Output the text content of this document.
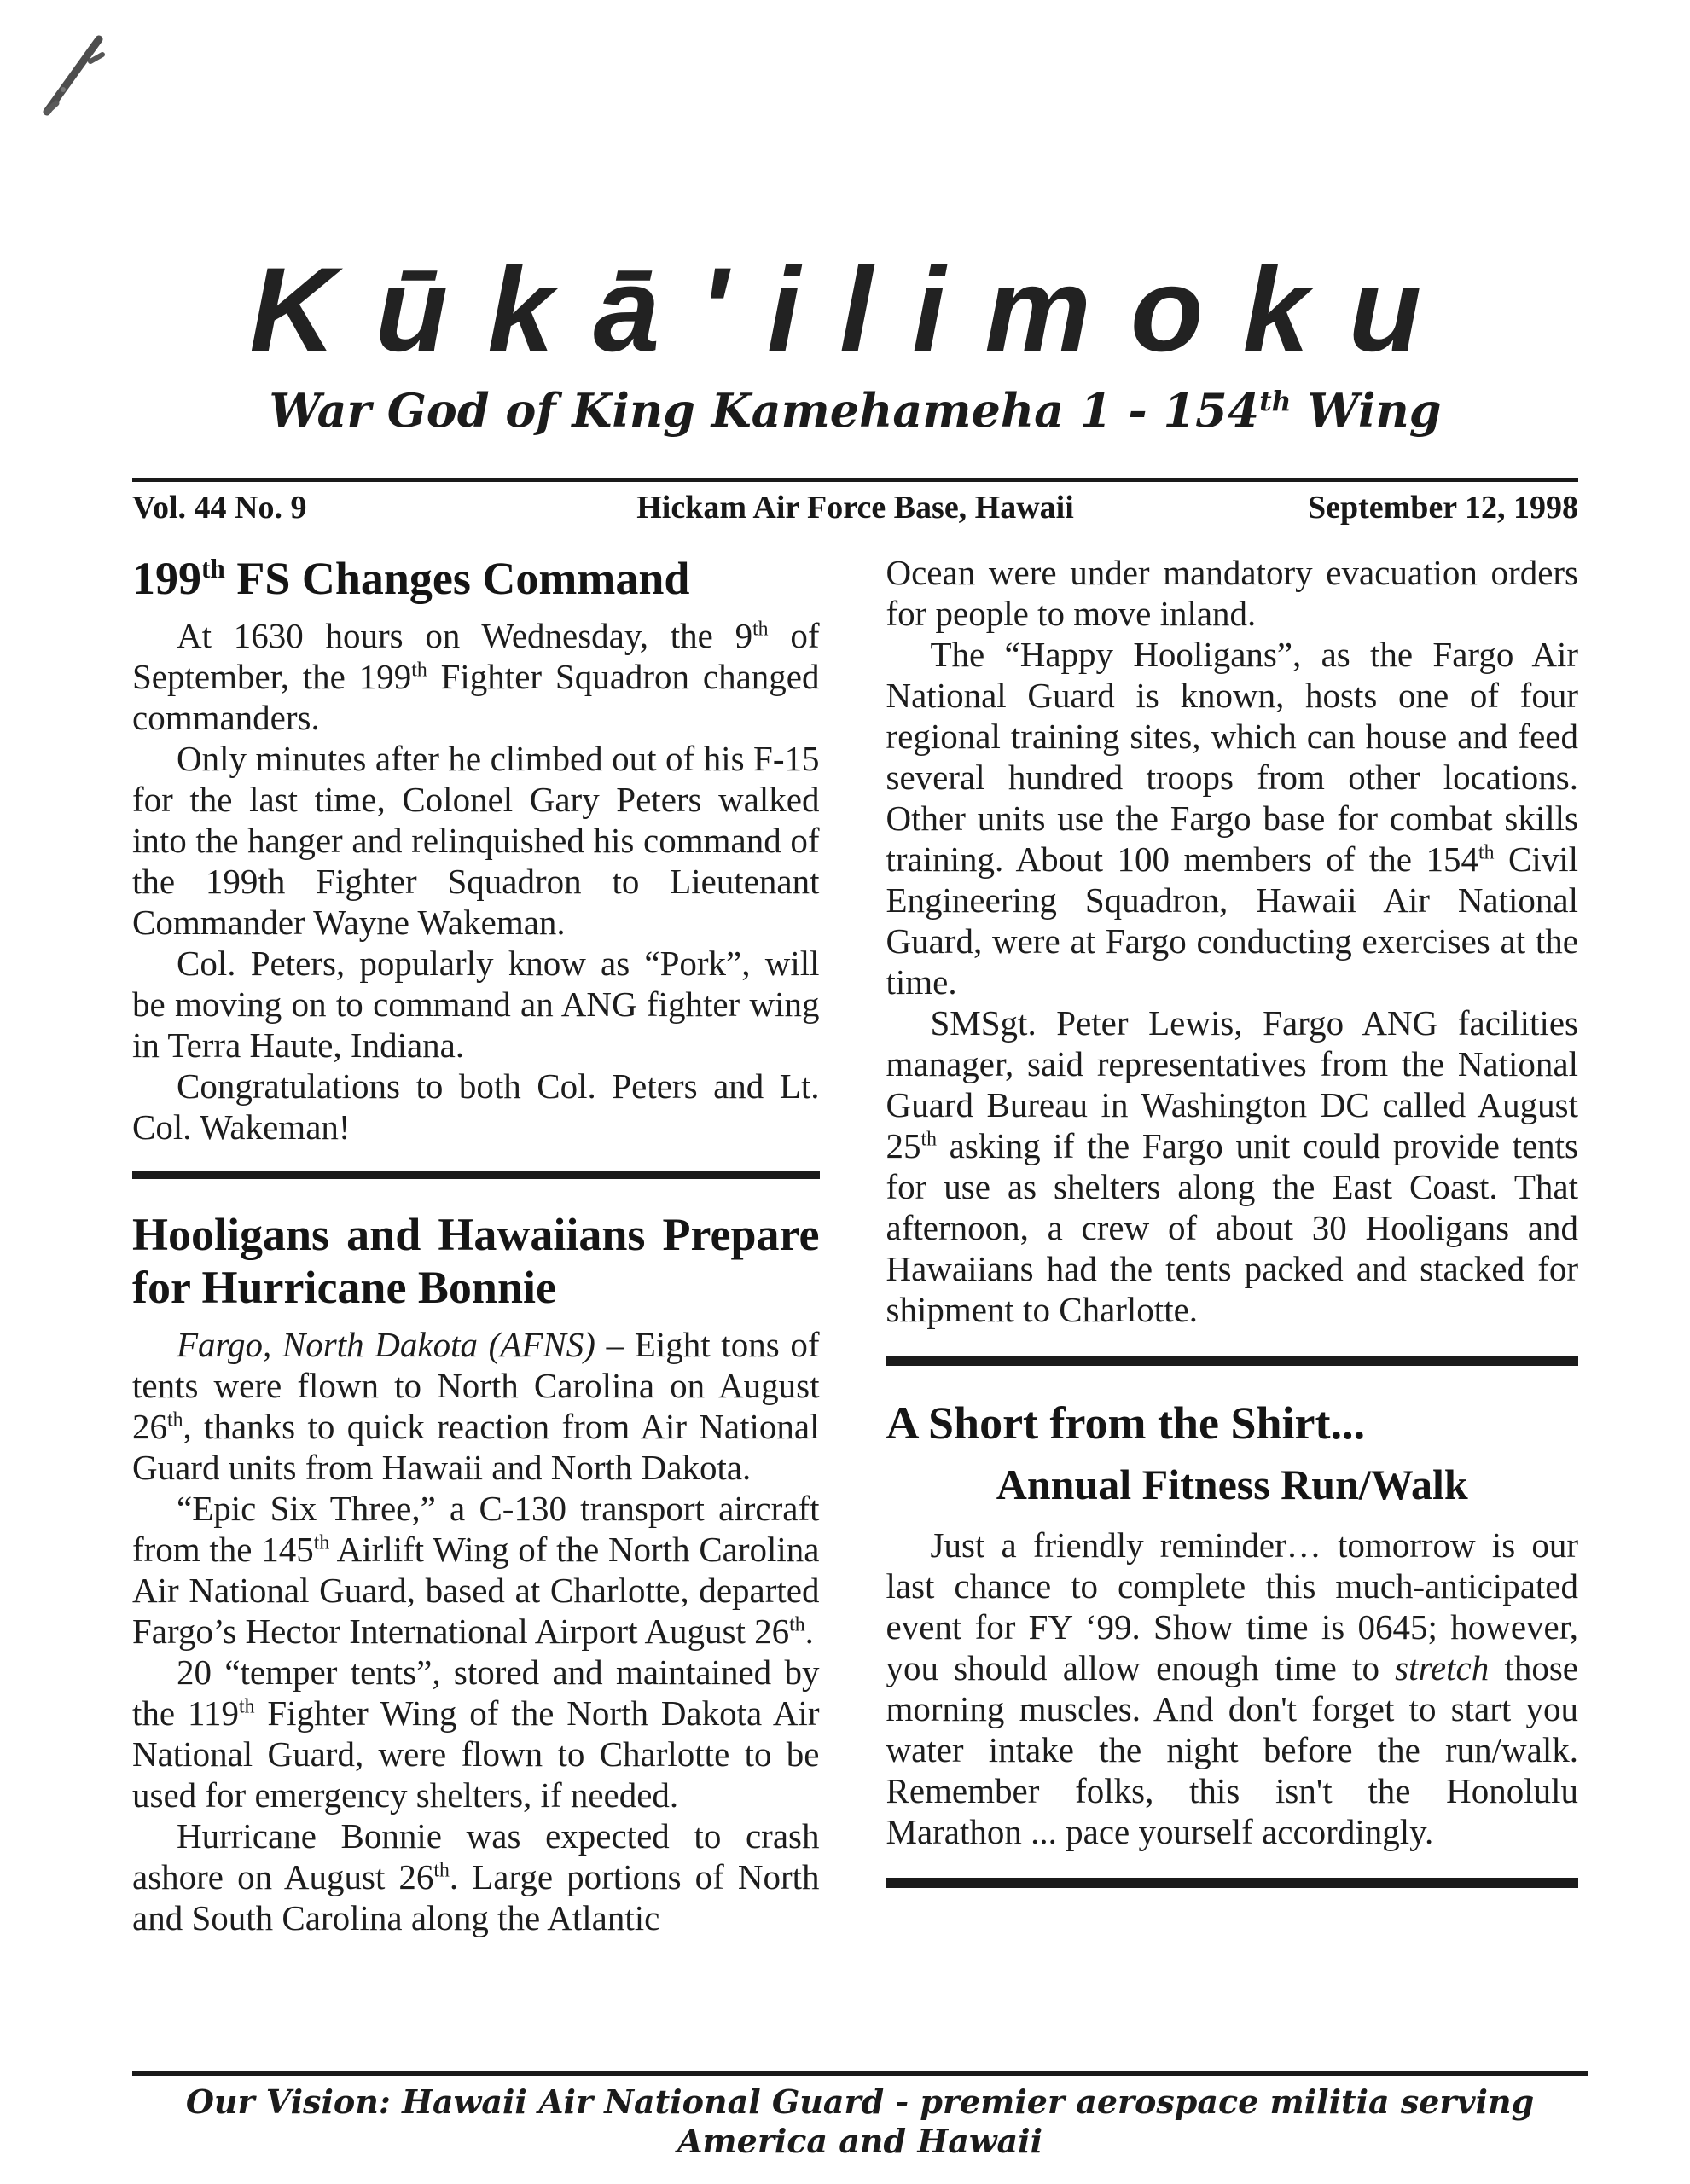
Kūkā'ilimoku
War God of King Kamehameha 1 - 154th Wing
Vol. 44 No. 9	Hickam Air Force Base, Hawaii	September 12, 1998
199th FS Changes Command

At 1630 hours on Wednesday, the 9th of September, the 199th Fighter Squadron changed commanders.

Only minutes after he climbed out of his F-15 for the last time, Colonel Gary Peters walked into the hanger and relinquished his command of the 199th Fighter Squadron to Lieutenant Commander Wayne Wakeman.

Col. Peters, popularly know as “Pork”, will be moving on to command an ANG fighter wing in Terra Haute, Indiana.

Congratulations to both Col. Peters and Lt. Col. Wakeman!

Hooligans and Hawaiians Prepare for Hurricane Bonnie

Fargo, North Dakota (AFNS) – Eight tons of tents were flown to North Carolina on August 26th, thanks to quick reaction from Air National Guard units from Hawaii and North Dakota.

“Epic Six Three,” a C-130 transport aircraft from the 145th Airlift Wing of the North Carolina Air National Guard, based at Charlotte, departed Fargo’s Hector International Airport August 26th.

20 “temper tents”, stored and maintained by the 119th Fighter Wing of the North Dakota Air National Guard, were flown to Charlotte to be used for emergency shelters, if needed.

Hurricane Bonnie was expected to crash ashore on August 26th. Large portions of North and South Carolina along the Atlantic

Ocean were under mandatory evacuation orders for people to move inland.

The “Happy Hooligans”, as the Fargo Air National Guard is known, hosts one of four regional training sites, which can house and feed several hundred troops from other locations. Other units use the Fargo base for combat skills training. About 100 members of the 154th Civil Engineering Squadron, Hawaii Air National Guard, were at Fargo conducting exercises at the time.

SMSgt. Peter Lewis, Fargo ANG facilities manager, said representatives from the National Guard Bureau in Washington DC called August 25th asking if the Fargo unit could provide tents for use as shelters along the East Coast. That afternoon, a crew of about 30 Hooligans and Hawaiians had the tents packed and stacked for shipment to Charlotte.

A Short from the Shirt...
Annual Fitness Run/Walk

Just a friendly reminder… tomorrow is our last chance to complete this much-anticipated event for FY ‘99. Show time is 0645; however, you should allow enough time to stretch those morning muscles. And don't forget to start you water intake the night before the run/walk. Remember folks, this isn't the Honolulu Marathon ... pace yourself accordingly.

Our Vision: Hawaii Air National Guard - premier aerospace militia serving America and Hawaii
